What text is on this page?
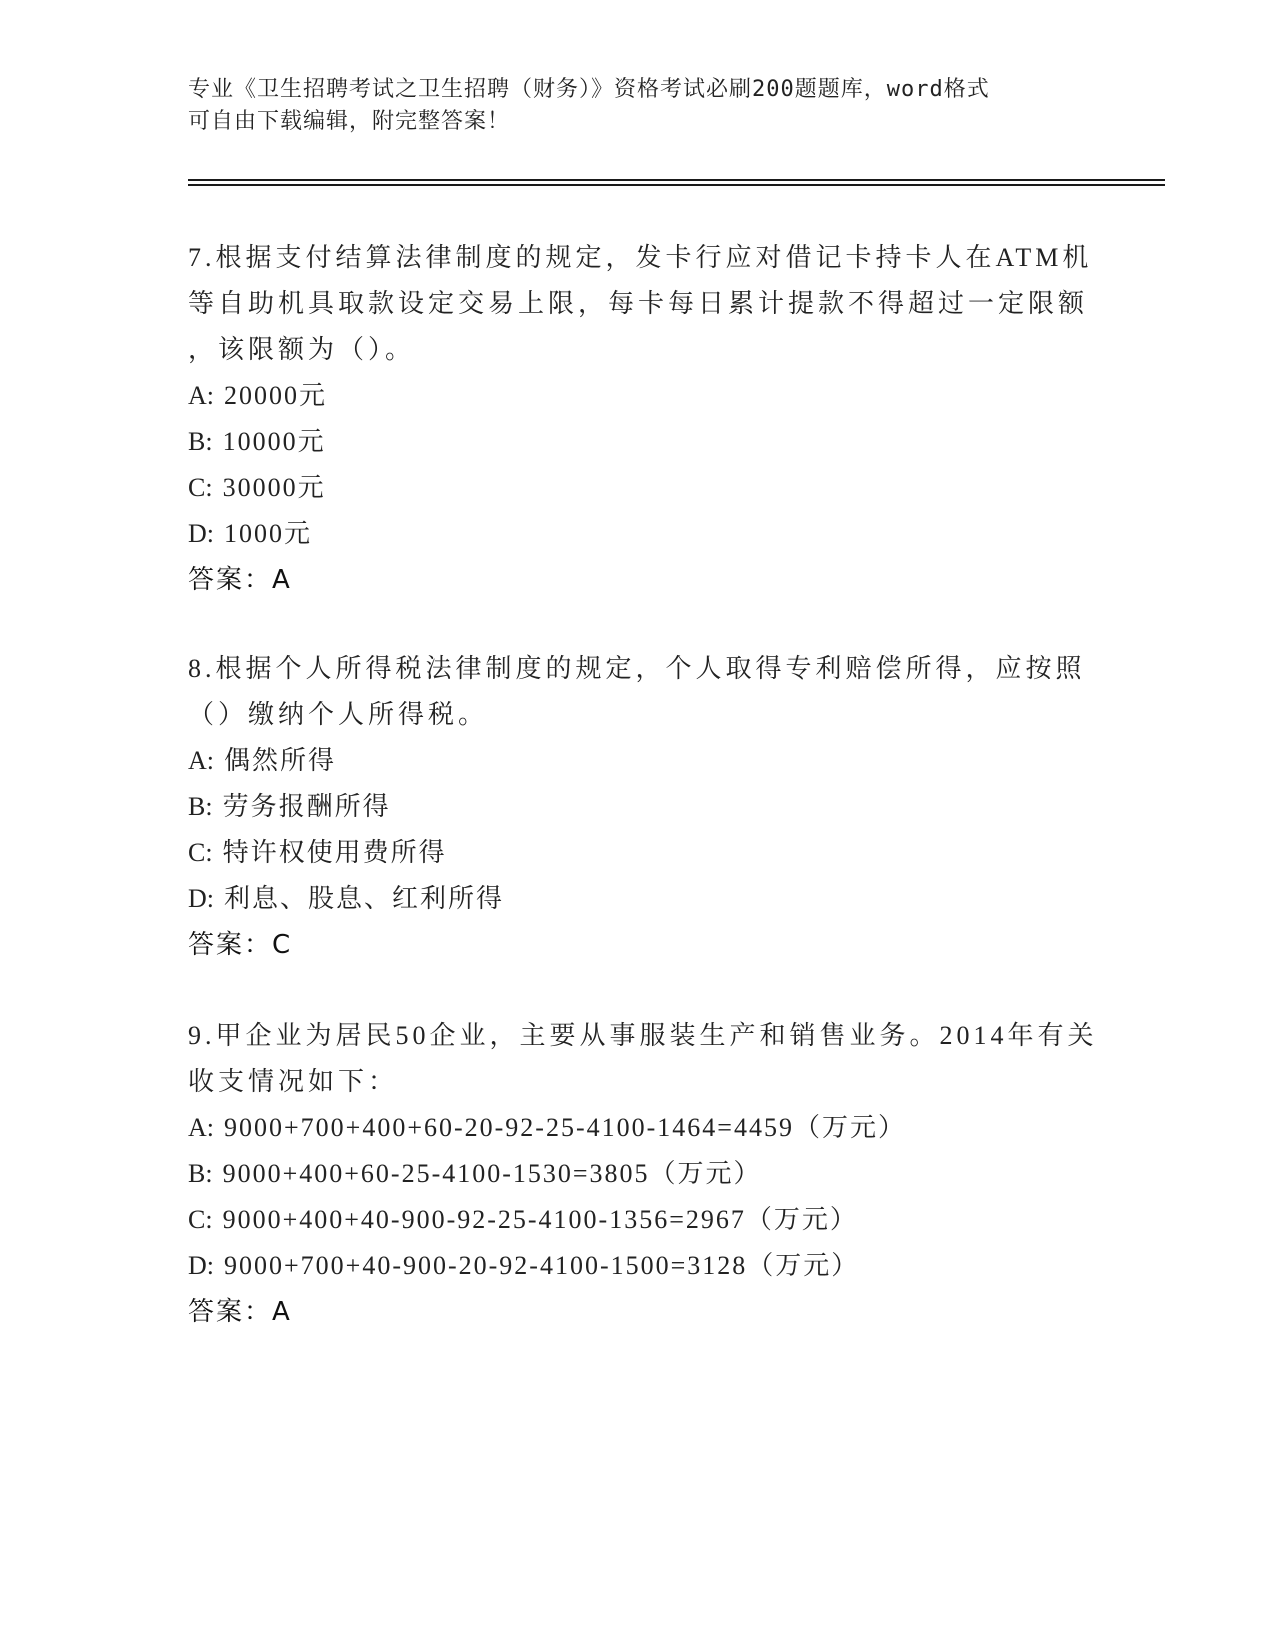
专业《卫生招聘考试之卫生招聘（财务）》资格考试必刷200题题库，word格式
可自由下载编辑，附完整答案！
7.根据支付结算法律制度的规定，发卡行应对借记卡持卡人在ATM机
等自助机具取款设定交易上限，每卡每日累计提款不得超过一定限额
，该限额为（）。
A: 20000元
B: 10000元
C: 30000元
D: 1000元
答案：A
8.根据个人所得税法律制度的规定，个人取得专利赔偿所得，应按照
（）缴纳个人所得税。
A: 偶然所得
B: 劳务报酬所得
C: 特许权使用费所得
D: 利息、股息、红利所得
答案：C
9.甲企业为居民50企业，主要从事服装生产和销售业务。2014年有关
收支情况如下：
A: 9000+700+400+60-20-92-25-4100-1464=4459（万元）
B: 9000+400+60-25-4100-1530=3805（万元）
C: 9000+400+40-900-92-25-4100-1356=2967（万元）
D: 9000+700+40-900-20-92-4100-1500=3128（万元）
答案：A
